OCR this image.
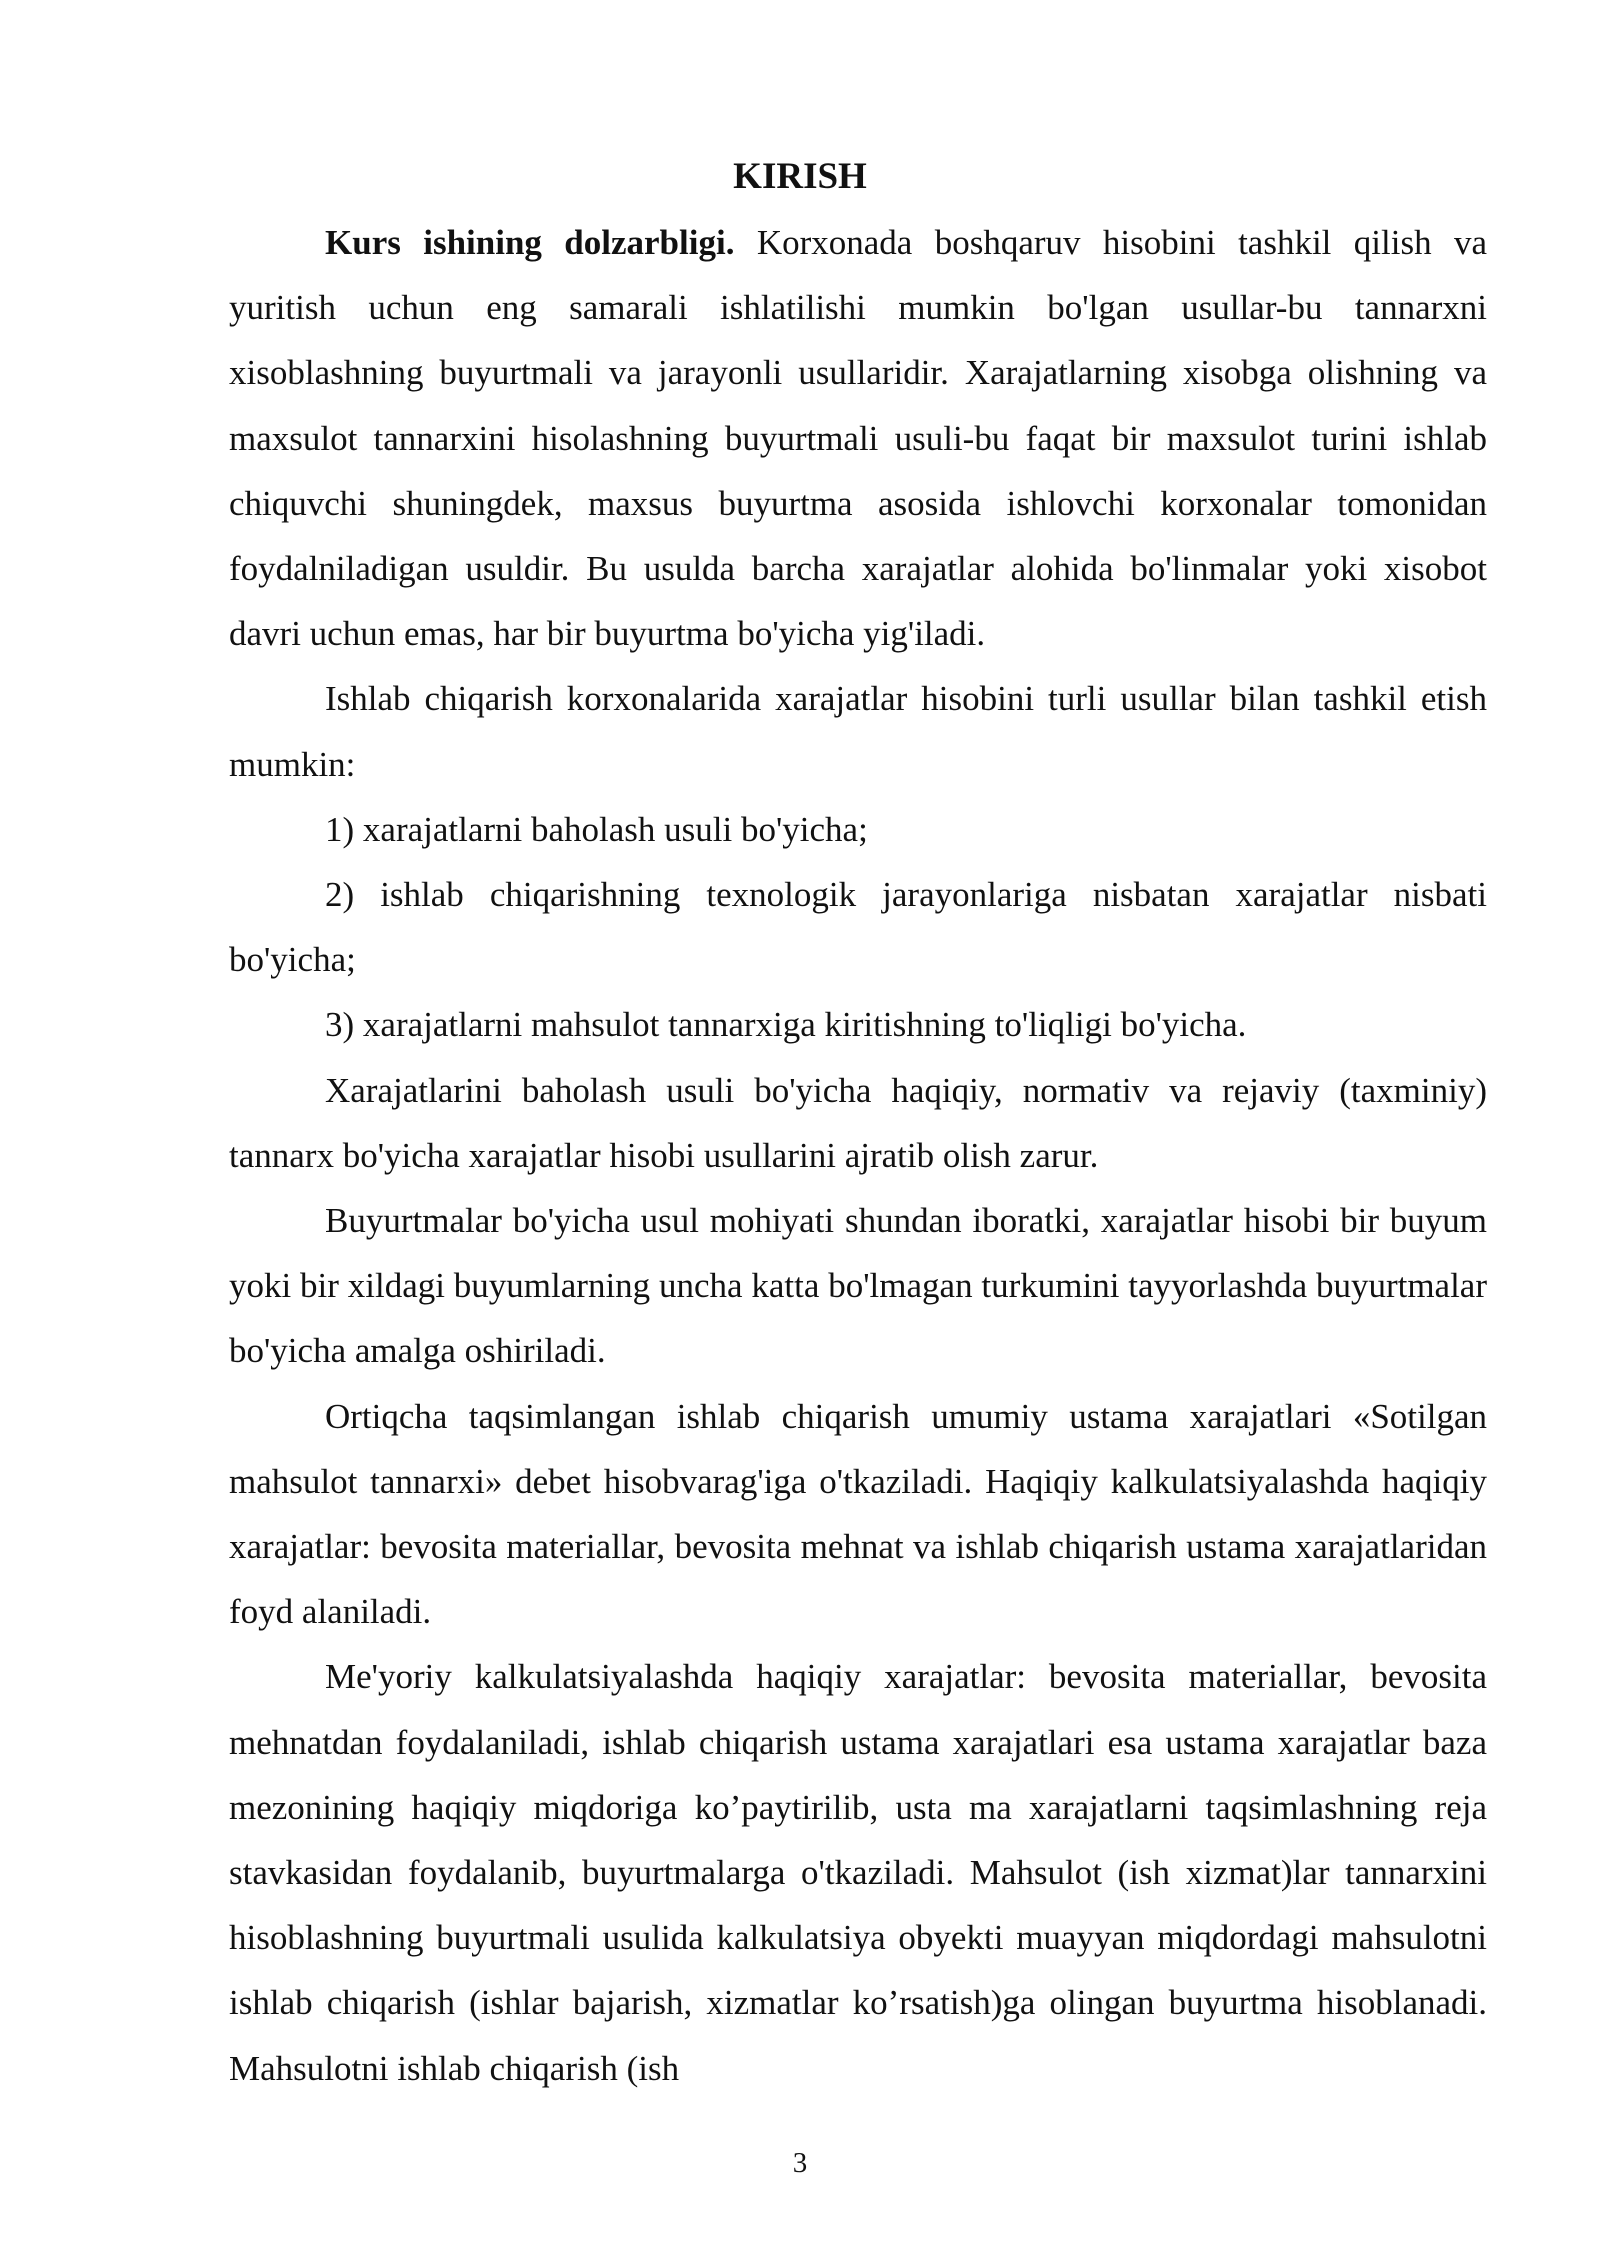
KIRISH

Kurs ishining dolzarbligi. Korxonada boshqaruv hisobini tashkil qilish va yuritish uchun eng samarali ishlatilishi mumkin bo'lgan usullar-bu tannarxni xisoblashning buyurtmali va jarayonli usullaridir. Xarajatlarning xisobga olishning va maxsulot tannarxini hisolashning buyurtmali usuli-bu faqat bir maxsulot turini ishlab chiquvchi shuningdek, maxsus buyurtma asosida ishlovchi korxonalar tomonidan foydalniladigan usuldir. Bu usulda barcha xarajatlar alohida bo'linmalar yoki xisobot davri uchun emas, har bir buyurtma bo'yicha yig'iladi.

Ishlab chiqarish korxonalarida xarajatlar hisobini turli usullar bilan tashkil etish mumkin:

1) xarajatlarni baholash usuli bo'yicha;

2) ishlab chiqarishning texnologik jarayonlariga nisbatan xarajatlar nisbati bo'yicha;

3) xarajatlarni mahsulot tannarxiga kiritishning to'liqligi bo'yicha.

Xarajatlarini baholash usuli bo'yicha haqiqiy, normativ va rejaviy (taxminiy) tannarx bo'yicha xarajatlar hisobi usullarini ajratib olish zarur.

Buyurtmalar bo'yicha usul mohiyati shundan iboratki, xarajatlar hisobi bir buyum yoki bir xildagi buyumlarning uncha katta bo'lmagan turkumini tayyorlashda buyurtmalar bo'yicha amalga oshiriladi.

Ortiqcha taqsimlangan ishlab chiqarish umumiy ustama xarajatlari «Sotilgan mahsulot tannarxi» debet hisobvarag'iga o'tkaziladi. Haqiqiy kalkulatsiyalashda haqiqiy xarajatlar: bevosita materiallar, bevosita mehnat va ishlab chiqarish ustama xarajatlaridan foyd alaniladi.

Me'yoriy kalkulatsiyalashda haqiqiy xarajatlar: bevosita materiallar, bevosita mehnatdan foydalaniladi, ishlab chiqarish ustama xarajatlari esa ustama xarajatlar baza mezonining haqiqiy miqdoriga ko’paytirilib, usta ma xarajatlarni taqsimlashning reja stavkasidan foydalanib, buyurtmalarga o'tkaziladi. Mahsulot (ish xizmat)lar tannarxini hisoblashning buyurtmali usulida kalkulatsiya obyekti muayyan miqdordagi mahsulotni ishlab chiqarish (ishlar bajarish, xizmatlar ko’rsatish)ga olingan buyurtma hisoblanadi. Mahsulotni ishlab chiqarish (ish

3
